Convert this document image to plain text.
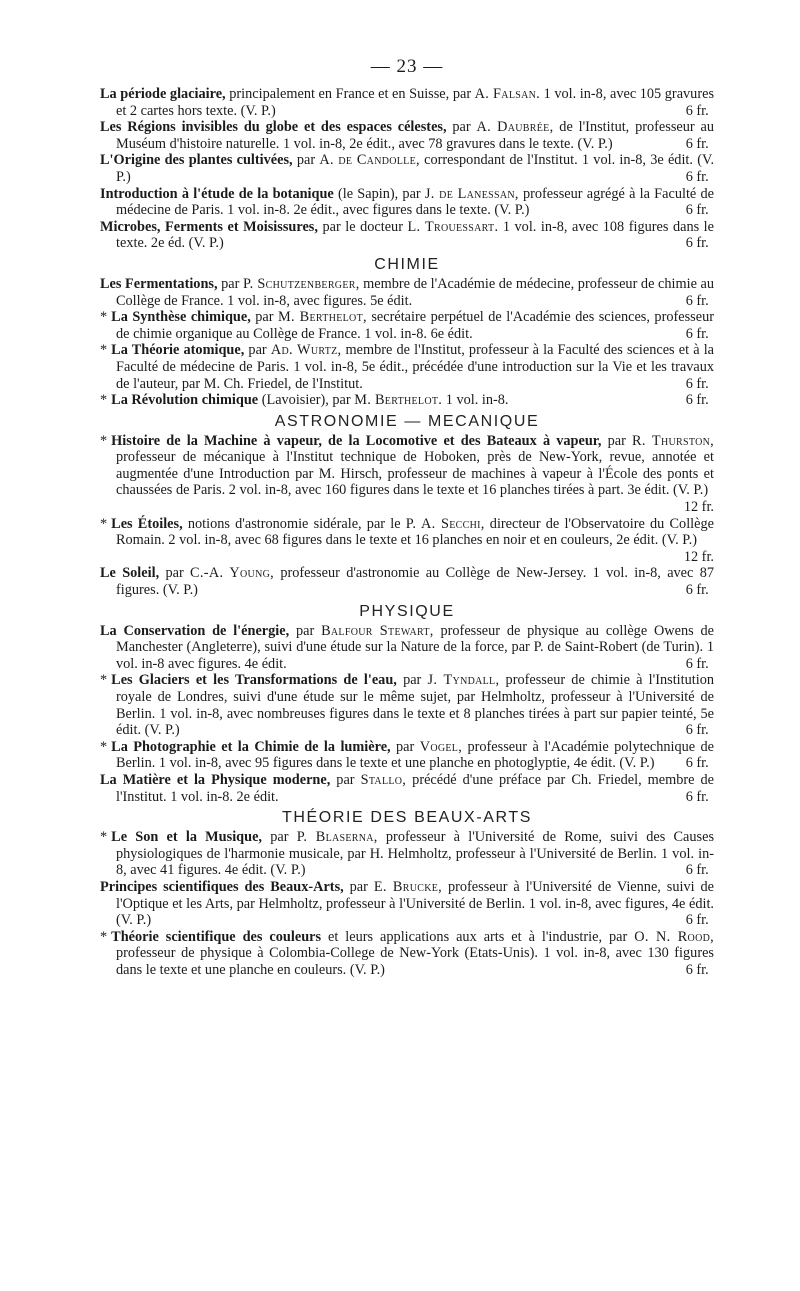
— 23 —

La période glaciaire, principalement en France et en Suisse, par A. Falsan. 1 vol. in-8, avec 105 gravures et 2 cartes hors texte. (V. P.)	6 fr.

Les Régions invisibles du globe et des espaces célestes, par A. Daubrée, de l'Institut, professeur au Muséum d'histoire naturelle. 1 vol. in-8, 2e édit., avec 78 gravures dans le texte. (V. P.)	6 fr.

L'Origine des plantes cultivées, par A. de Candolle, correspondant de l'Institut. 1 vol. in-8, 3e édit. (V. P.)	6 fr.

Introduction à l'étude de la botanique (le Sapin), par J. de Lanessan, professeur agrégé à la Faculté de médecine de Paris. 1 vol. in-8. 2e édit., avec figures dans le texte. (V. P.)	6 fr.

Microbes, Ferments et Moisissures, par le docteur L. Trouessart. 1 vol. in-8, avec 108 figures dans le texte. 2e éd. (V. P.)	6 fr.

CHIMIE

Les Fermentations, par P. Schutzenberger, membre de l'Académie de médecine, professeur de chimie au Collège de France. 1 vol. in-8, avec figures. 5e édit.	6 fr.

* La Synthèse chimique, par M. Berthelot, secrétaire perpétuel de l'Académie des sciences, professeur de chimie organique au Collège de France. 1 vol. in-8. 6e édit.	6 fr.

* La Théorie atomique, par Ad. Wurtz, membre de l'Institut, professeur à la Faculté des sciences et à la Faculté de médecine de Paris. 1 vol. in-8, 5e édit., précédée d'une introduction sur la Vie et les travaux de l'auteur, par M. Ch. Friedel, de l'Institut.	6 fr.

* La Révolution chimique (Lavoisier), par M. Berthelot. 1 vol. in-8.	6 fr.

ASTRONOMIE — MECANIQUE

* Histoire de la Machine à vapeur, de la Locomotive et des Bateaux à vapeur, par R. Thurston, professeur de mécanique à l'Institut technique de Hoboken, près de New-York, revue, annotée et augmentée d'une Introduction par M. Hirsch, professeur de machines à vapeur à l'École des ponts et chaussées de Paris. 2 vol. in-8, avec 160 figures dans le texte et 16 planches tirées à part. 3e édit. (V. P.)
12 fr.

* Les Étoiles, notions d'astronomie sidérale, par le P. A. Secchi, directeur de l'Observatoire du Collège Romain. 2 vol. in-8, avec 68 figures dans le texte et 16 planches en noir et en couleurs, 2e édit. (V. P.)
12 fr.

Le Soleil, par C.-A. Young, professeur d'astronomie au Collège de New-Jersey. 1 vol. in-8, avec 87 figures. (V. P.)	6 fr.

PHYSIQUE

La Conservation de l'énergie, par Balfour Stewart, professeur de physique au collège Owens de Manchester (Angleterre), suivi d'une étude sur la Nature de la force, par P. de Saint-Robert (de Turin). 1 vol. in-8 avec figures. 4e édit.	6 fr.

* Les Glaciers et les Transformations de l'eau, par J. Tyndall, professeur de chimie à l'Institution royale de Londres, suivi d'une étude sur le même sujet, par Helmholtz, professeur à l'Université de Berlin. 1 vol. in-8, avec nombreuses figures dans le texte et 8 planches tirées à part sur papier teinté, 5e édit. (V. P.)	6 fr.

* La Photographie et la Chimie de la lumière, par Vogel, professeur à l'Académie polytechnique de Berlin. 1 vol. in-8, avec 95 figures dans le texte et une planche en photoglyptie, 4e édit. (V. P.) 6 fr.

La Matière et la Physique moderne, par Stallo, précédé d'une préface par Ch. Friedel, membre de l'Institut. 1 vol. in-8. 2e édit.	6 fr.

THÉORIE DES BEAUX-ARTS

* Le Son et la Musique, par P. Blaserna, professeur à l'Université de Rome, suivi des Causes physiologiques de l'harmonie musicale, par H. Helmholtz, professeur à l'Université de Berlin. 1 vol. in-8, avec 41 figures. 4e édit. (V. P.)	6 fr.

Principes scientifiques des Beaux-Arts, par E. Brucke, professeur à l'Université de Vienne, suivi de l'Optique et les Arts, par Helmholtz, professeur à l'Université de Berlin. 1 vol. in-8, avec figures, 4e édit. (V. P.)	6 fr.

* Théorie scientifique des couleurs et leurs applications aux arts et à l'industrie, par O. N. Rood, professeur de physique à Colombia-College de New-York (Etats-Unis). 1 vol. in-8, avec 130 figures dans le texte et une planche en couleurs. (V. P.)	6 fr.
